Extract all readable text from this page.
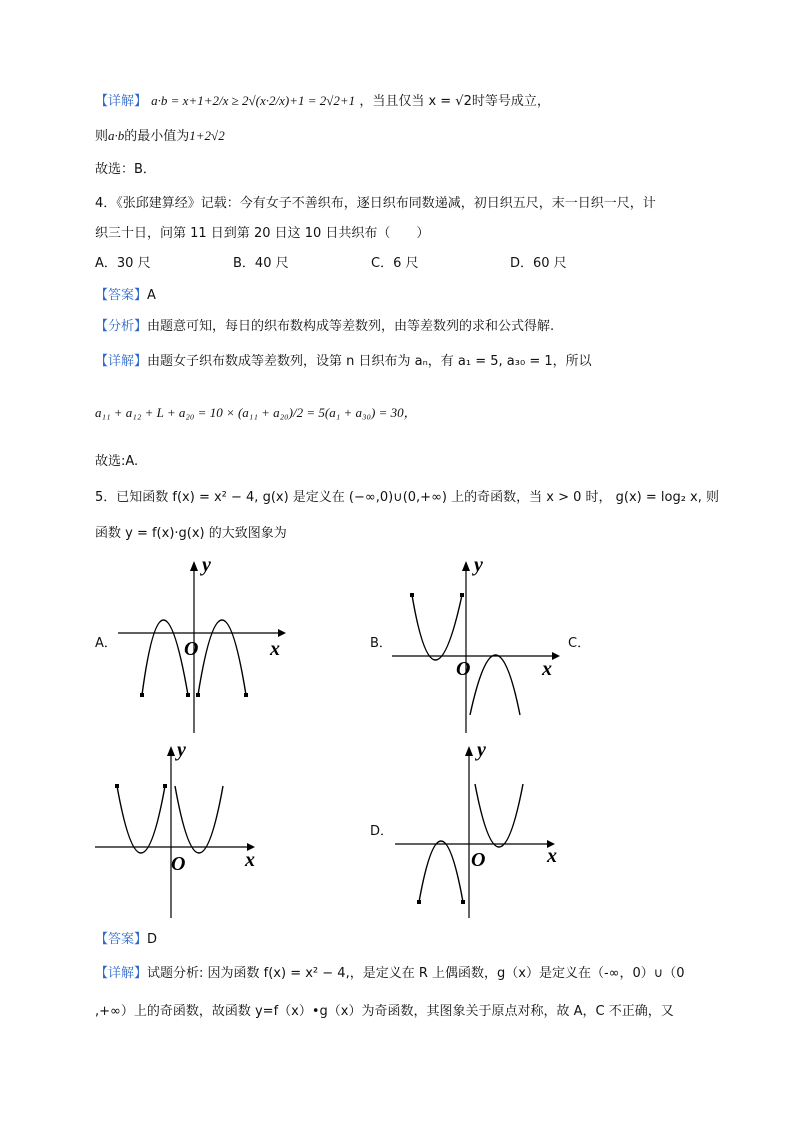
【详解】 a·b = x+1+2/x ≥ 2√(x·2/x)+1 = 2√2+1 ，当且仅当 x = √2时等号成立，
则a·b的最小值为1+2√2
故选：B．
4．《张邱建算经》记载：今有女子不善织布，逐日织布同数递减，初日织五尺，末一日织一尺，计
织三十日，问第 11 日到第 20 日这 10 日共织布（　　）
A．30 尺	B．40 尺	C．6 尺	D．60 尺
【答案】A
【分析】由题意可知，每日的织布数构成等差数列，由等差数列的求和公式得解.
【详解】由题女子织布数成等差数列，设第 n 日织布为 aₙ，有 a₁ = 5, a₃₀ = 1，所以
a₁₁ + a₁₂ + L + a₂₀ = 10 × (a₁₁ + a₂₀)/2 = 5(a₁ + a₃₀) = 30，
故选:A.
5．已知函数 f(x) = x² − 4, g(x) 是定义在 (−∞,0)∪(0,+∞) 上的奇函数，当 x > 0 时， g(x) = log₂ x, 则
函数 y = f(x)·g(x) 的大致图象为
A．	B．	C．
D．
y
x
O
y
x
O
y
x
O
y
x
O
【答案】D
【详解】试题分析: 因为函数 f(x) = x² − 4,，是定义在 R 上偶函数，g（x）是定义在（-∞，0）∪（0
,+∞）上的奇函数，故函数 y=f（x）•g（x）为奇函数，其图象关于原点对称，故 A，C 不正确，又
